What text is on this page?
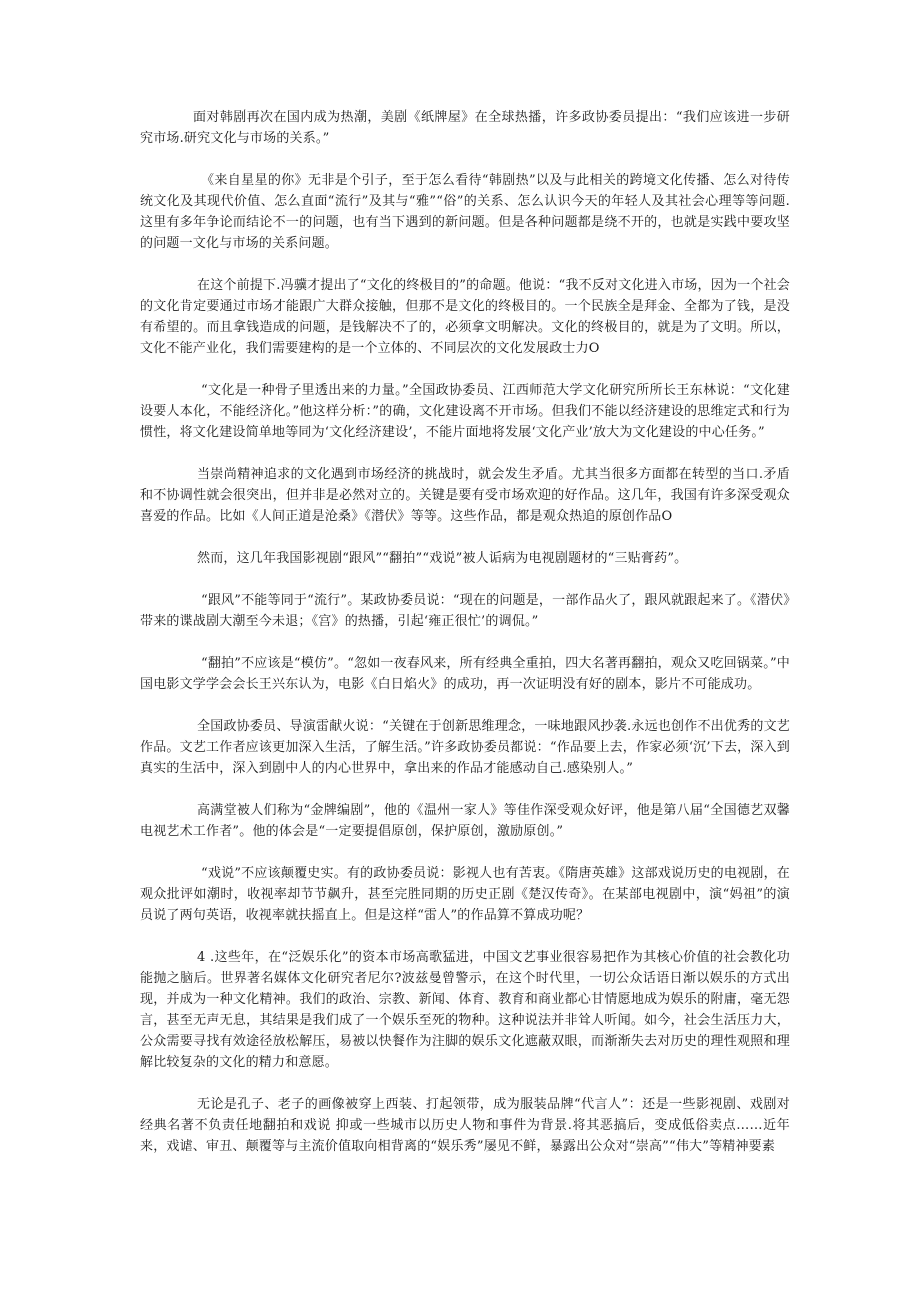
面对韩剧再次在国内成为热潮，美剧《纸牌屋》在全球热播，许多政协委员提出：“我们应该进一步研究市场.研究文化与市场的关系。”

《来自星星的你》无非是个引子，至于怎么看待“韩剧热”以及与此相关的跨境文化传播、怎么对待传统文化及其现代价值、怎么直面“流行”及其与“雅”“俗”的关系、怎么认识今天的年轻人及其社会心理等等问题.这里有多年争论而结论不一的问题，也有当下遇到的新问题。但是各种问题都是绕不开的，也就是实践中要攻坚的问题一文化与市场的关系问题。

在这个前提下.冯骥才提出了“文化的终极目的”的命题。他说：“我不反对文化进入市场，因为一个社会的文化肯定要通过市场才能跟广大群众接触，但那不是文化的终极目的。一个民族全是拜金、全都为了钱，是没有希望的。而且拿钱造成的问题，是钱解决不了的，必须拿文明解决。文化的终极目的，就是为了文明。所以，文化不能产业化，我们需要建构的是一个立体的、不同层次的文化发展政士力O

“文化是一种骨子里透出来的力量。”全国政协委员、江西师范大学文化研究所所长王东林说：“文化建设要人本化，不能经济化。”他这样分析：”的确，文化建设离不开市场。但我们不能以经济建设的思维定式和行为惯性，将文化建设简单地等同为‘文化经济建设’，不能片面地将发展‘文化产业’放大为文化建设的中心任务。”

当崇尚精神追求的文化遇到市场经济的挑战时，就会发生矛盾。尤其当很多方面都在转型的当口.矛盾和不协调性就会很突出，但并非是必然对立的。关键是要有受市场欢迎的好作品。这几年，我国有许多深受观众喜爱的作品。比如《人间正道是沧桑》《潜伏》等等。这些作品，都是观众热追的原创作品O

然而，这几年我国影视剧“跟风”“翻拍”“戏说”被人诟病为电视剧题材的“三贴膏药”。

“跟风”不能等同于“流行”。某政协委员说：“现在的问题是，一部作品火了，跟风就跟起来了。《潜伏》带来的谍战剧大潮至今未退；《宫》的热播，引起‘雍正很忙’的调侃。”

“翻拍”不应该是“模仿”。“忽如一夜春风来，所有经典全重拍，四大名著再翻拍，观众又吃回锅菜。”中国电影文学学会会长王兴东认为，电影《白日焰火》的成功，再一次证明没有好的剧本，影片不可能成功。

全国政协委员、导演雷献火说：“关键在于创新思维理念，一味地跟风抄袭.永远也创作不出优秀的文艺作品。文艺工作者应该更加深入生活，了解生活。”许多政协委员都说：“作品要上去，作家必须‘沉’下去，深入到真实的生活中，深入到剧中人的内心世界中，拿出来的作品才能感动自己.感染别人。”

高满堂被人们称为“金牌编剧”，他的《温州一家人》等佳作深受观众好评，他是第八届“全国德艺双馨电视艺术工作者”。他的体会是“一定要提倡原创，保护原创，激励原创。”

“戏说”不应该颠覆史实。有的政协委员说：影视人也有苦衷。《隋唐英雄》这部戏说历史的电视剧，在观众批评如潮时，收视率却节节飙升，甚至完胜同期的历史正剧《楚汉传奇》。在某部电视剧中，演“妈祖”的演员说了两句英语，收视率就扶摇直上。但是这样“雷人”的作品算不算成功呢？

4 .这些年，在“泛娱乐化”的资本市场高歌猛进，中国文艺事业很容易把作为其核心价值的社会教化功能抛之脑后。世界著名媒体文化研究者尼尔?波兹曼曾警示，在这个时代里，一切公众话语日渐以娱乐的方式出现，并成为一种文化精神。我们的政治、宗教、新闻、体育、教育和商业都心甘情愿地成为娱乐的附庸，毫无怨言，甚至无声无息，其结果是我们成了一个娱乐至死的物种。这种说法并非耸人听闻。如今，社会生活压力大，公众需要寻找有效途径放松解压，易被以快餐作为注脚的娱乐文化遮蔽双眼，而渐渐失去对历史的理性观照和理解比较复杂的文化的精力和意愿。

无论是孔子、老子的画像被穿上西装、打起领带，成为服装品牌“代言人”：还是一些影视剧、戏剧对经典名著不负责任地翻拍和戏说 抑或一些城市以历史人物和事件为背景.将其恶搞后，变成低俗卖点……近年来，戏谑、审丑、颠覆等与主流价值取向相背离的“娱乐秀”屡见不鲜，暴露出公众对“崇高”“伟大”等精神要素
